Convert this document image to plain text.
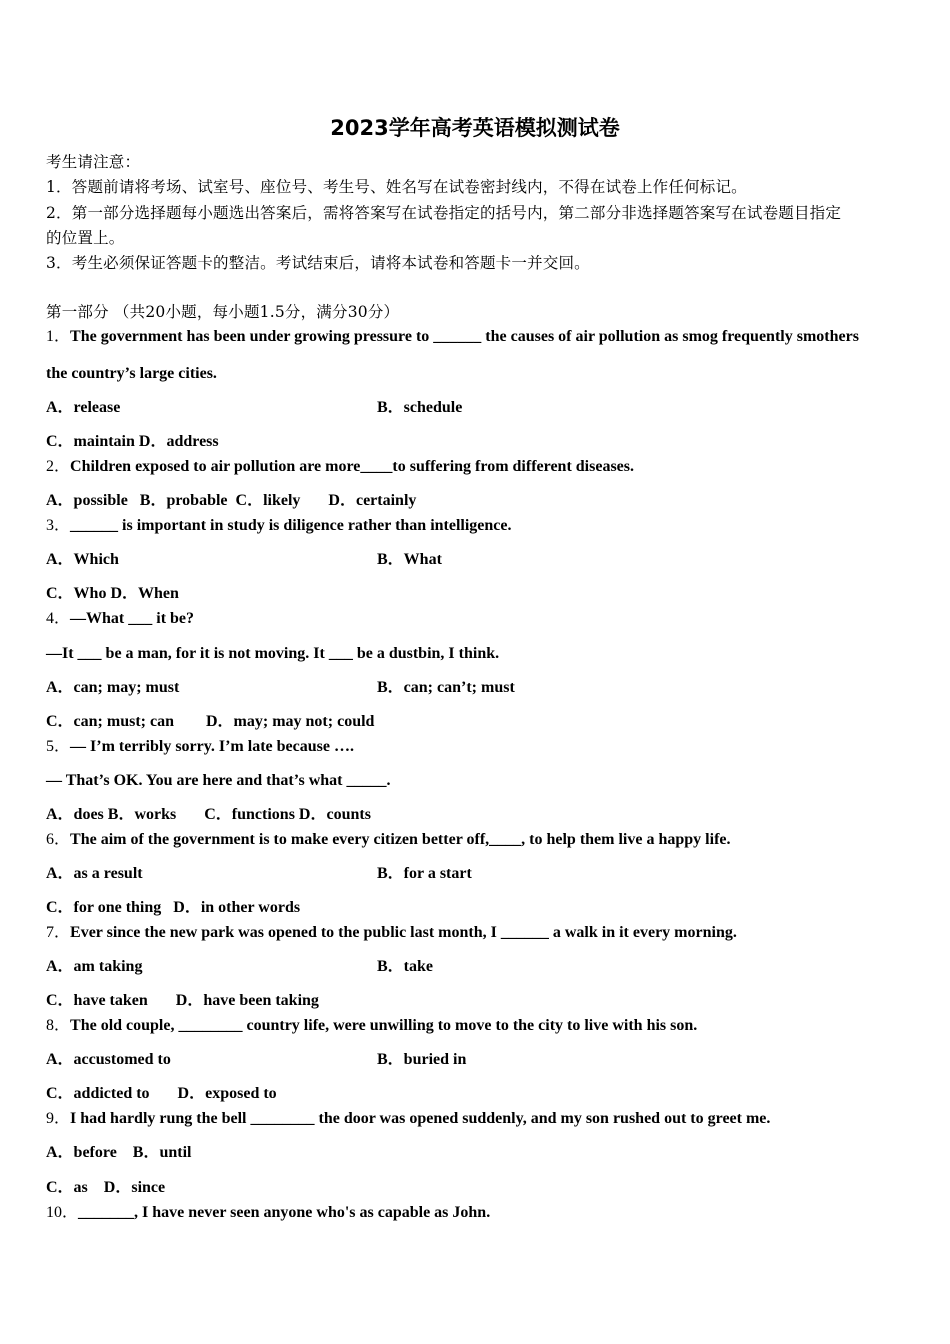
2023学年高考英语模拟测试卷
考生请注意：
1．答题前请将考场、试室号、座位号、考生号、姓名写在试卷密封线内，不得在试卷上作任何标记。
2．第一部分选择题每小题选出答案后，需将答案写在试卷指定的括号内，第二部分非选择题答案写在试卷题目指定
的位置上。
3．考生必须保证答题卡的整洁。考试结束后，请将本试卷和答题卡一并交回。
第一部分 （共20小题，每小题1.5分，满分30分）
1．The government has been under growing pressure to ______ the causes of air pollution as smog frequently smothers
the country’s large cities.
A．release	B．schedule
C．maintain D．address
2．Children exposed to air pollution are more____to suffering from different diseases.
A．possible   B．probable  C．likely       D．certainly
3．______ is important in study is diligence rather than intelligence.
A．Which	B．What
C．Who D．When
4．—What ___ it be?
—It ___ be a man, for it is not moving. It ___ be a dustbin, I think.
A．can; may; must	B．can; can’t; must
C．can; must; can        D．may; may not; could
5．— I’m terribly sorry. I’m late because ….
— That’s OK. You are here and that’s what _____.
A．does B．works       C．functions D．counts
6．The aim of the government is to make every citizen better off,____, to help them live a happy life.
A．as a result	B．for a start
C．for one thing   D．in other words
7．Ever since the new park was opened to the public last month, I ______ a walk in it every morning.
A．am taking	B．take
C．have taken       D．have been taking
8．The old couple, ________ country life, were unwilling to move to the city to live with his son.
A．accustomed to	B．buried in
C．addicted to       D．exposed to
9．I had hardly rung the bell ________ the door was opened suddenly, and my son rushed out to greet me.
A．before    B．until
C．as    D．since
10．_______, I have never seen anyone who's as capable as John.
